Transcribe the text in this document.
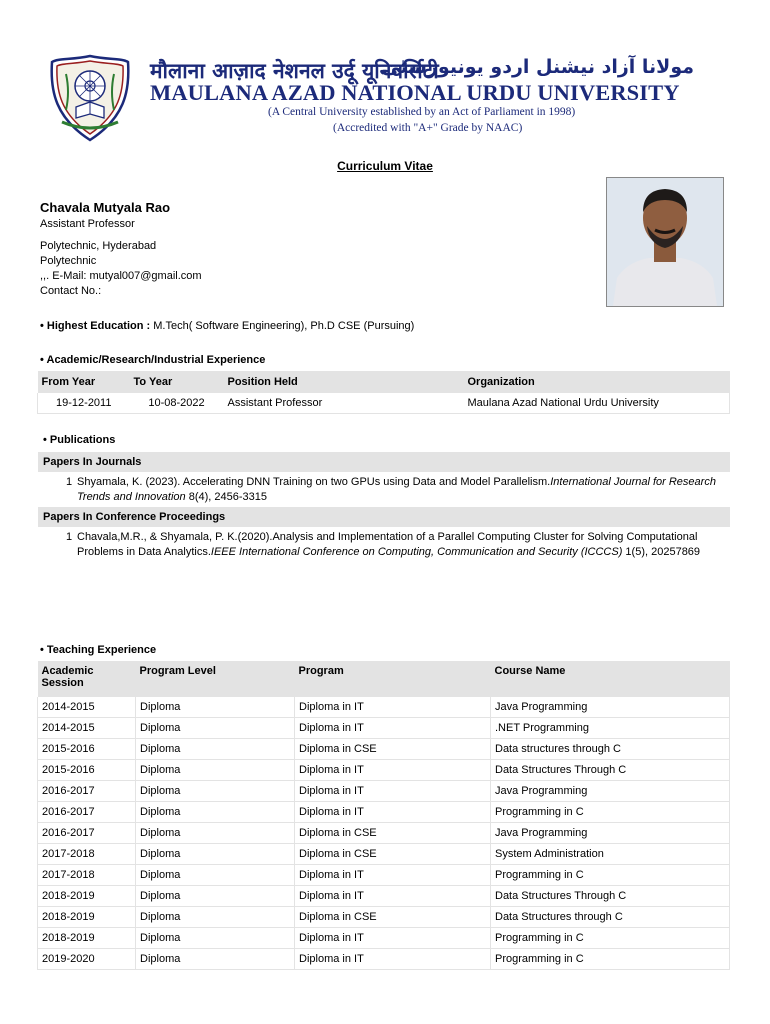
मौलाना आज़ाद नेशनल उर्दू यूनिवर्सिटी
مولانا آزاد نیشنل اردو یونیورسٹی
MAULANA AZAD NATIONAL URDU UNIVERSITY
(A Central University established by an Act of Parliament in 1998)
(Accredited with "A+" Grade by NAAC)
Curriculum Vitae
Chavala Mutyala Rao
Assistant Professor
Polytechnic, Hyderabad
Polytechnic
,,. E-Mail: mutyal007@gmail.com
Contact No.:
• Highest Education : M.Tech( Software Engineering), Ph.D CSE (Pursuing)
• Academic/Research/Industrial Experience
From Year	To Year	Position Held	Organization
19-12-2011	10-08-2022	Assistant Professor	Maulana Azad National Urdu University
• Publications
Papers In Journals
1 Shyamala, K. (2023). Accelerating DNN Training on two GPUs using Data and Model Parallelism.International Journal for Research Trends and Innovation 8(4), 2456-3315
Papers In Conference Proceedings
1 Chavala,M.R., & Shyamala, P. K.(2020).Analysis and Implementation of a Parallel Computing Cluster for Solving Computational Problems in Data Analytics.IEEE International Conference on Computing, Communication and Security (ICCCS) 1(5), 20257869
• Teaching Experience
Academic Session	Program Level	Program	Course Name
2014-2015	Diploma	Diploma in IT	Java Programming
2014-2015	Diploma	Diploma in IT	.NET Programming
2015-2016	Diploma	Diploma in CSE	Data structures through C
2015-2016	Diploma	Diploma in IT	Data Structures Through C
2016-2017	Diploma	Diploma in IT	Java Programming
2016-2017	Diploma	Diploma in IT	Programming in C
2016-2017	Diploma	Diploma in CSE	Java Programming
2017-2018	Diploma	Diploma in CSE	System Administration
2017-2018	Diploma	Diploma in IT	Programming in C
2018-2019	Diploma	Diploma in IT	Data Structures Through C
2018-2019	Diploma	Diploma in CSE	Data Structures through C
2018-2019	Diploma	Diploma in IT	Programming in C
2019-2020	Diploma	Diploma in IT	Programming in C
